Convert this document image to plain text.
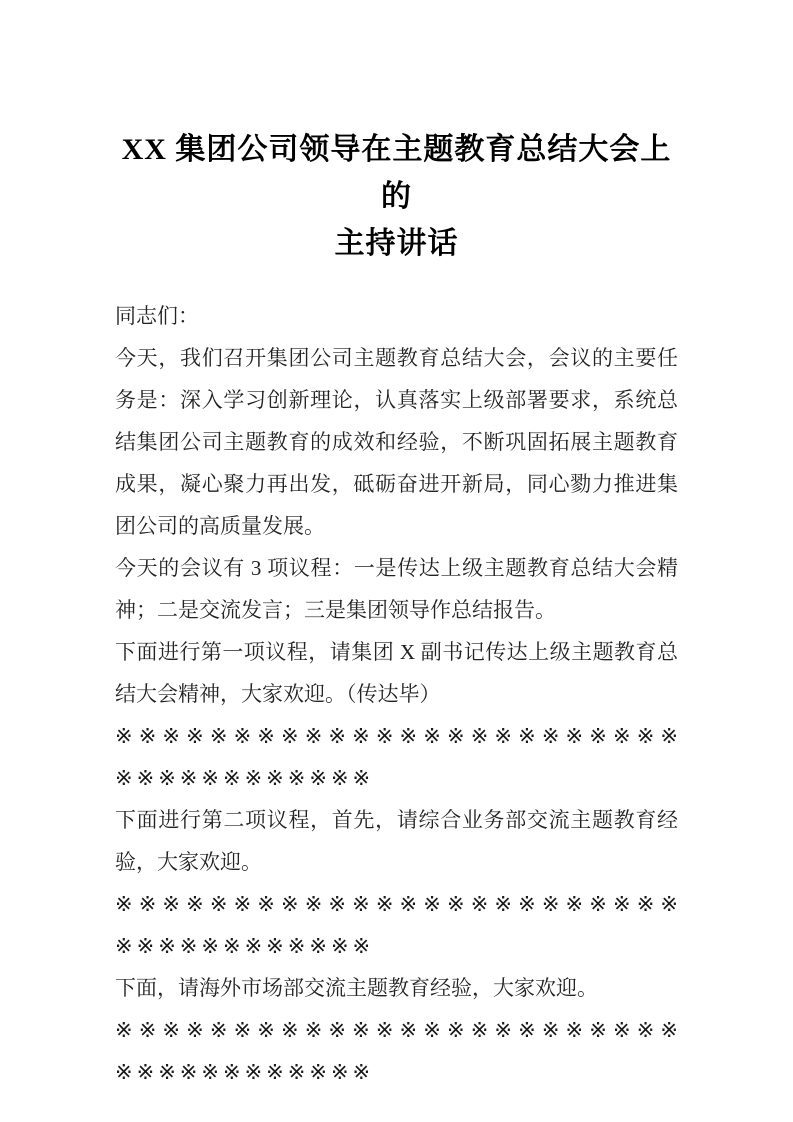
XX 集团公司领导在主题教育总结大会上的
主持讲话

同志们：

今天，我们召开集团公司主题教育总结大会，会议的主要任务是：深入学习创新理论，认真落实上级部署要求，系统总结集团公司主题教育的成效和经验，不断巩固拓展主题教育成果，凝心聚力再出发，砥砺奋进开新局，同心勠力推进集团公司的高质量发展。

今天的会议有 3 项议程：一是传达上级主题教育总结大会精神；二是交流发言；三是集团领导作总结报告。

下面进行第一项议程，请集团 X 副书记传达上级主题教育总结大会精神，大家欢迎。（传达毕）

※※※※※※※※※※※※※※※※※※※※※※※※
※※※※※※※※※※※※

下面进行第二项议程，首先，请综合业务部交流主题教育经验，大家欢迎。

※※※※※※※※※※※※※※※※※※※※※※※※
※※※※※※※※※※※※

下面，请海外市场部交流主题教育经验，大家欢迎。

※※※※※※※※※※※※※※※※※※※※※※※※
※※※※※※※※※※※※
